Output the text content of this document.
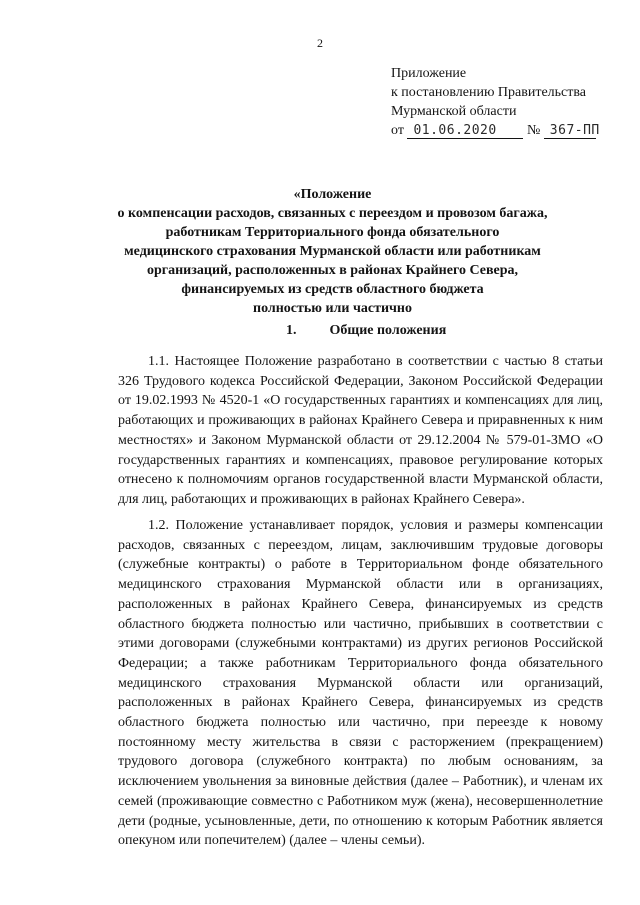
2
Приложение
к постановлению Правительства
Мурманской области
от 01.06.2020 № 367-ПП
«Положение
о компенсации расходов, связанных с переездом и провозом багажа,
работникам Территориального фонда обязательного
медицинского страхования Мурманской области или работникам
организаций, расположенных в районах Крайнего Севера,
финансируемых из средств областного бюджета
полностью или частично
1. Общие положения

1.1. Настоящее Положение разработано в соответствии с частью 8 статьи 326 Трудового кодекса Российской Федерации, Законом Российской Федерации от 19.02.1993 № 4520-1 «О государственных гарантиях и компенсациях для лиц, работающих и проживающих в районах Крайнего Севера и приравненных к ним местностях» и Законом Мурманской области от 29.12.2004 № 579-01-ЗМО «О государственных гарантиях и компенсациях, правовое регулирование которых отнесено к полномочиям органов государственной власти Мурманской области, для лиц, работающих и проживающих в районах Крайнего Севера».

1.2. Положение устанавливает порядок, условия и размеры компенсации расходов, связанных с переездом, лицам, заключившим трудовые договоры (служебные контракты) о работе в Территориальном фонде обязательного медицинского страхования Мурманской области или в организациях, расположенных в районах Крайнего Севера, финансируемых из средств областного бюджета полностью или частично, прибывших в соответствии с этими договорами (служебными контрактами) из других регионов Российской Федерации; а также работникам Территориального фонда обязательного медицинского страхования Мурманской области или организаций, расположенных в районах Крайнего Севера, финансируемых из средств областного бюджета полностью или частично, при переезде к новому постоянному месту жительства в связи с расторжением (прекращением) трудового договора (служебного контракта) по любым основаниям, за исключением увольнения за виновные действия (далее – Работник), и членам их семей (проживающие совместно с Работником муж (жена), несовершеннолетние дети (родные, усыновленные, дети, по отношению к которым Работник является опекуном или попечителем) (далее – члены семьи).
